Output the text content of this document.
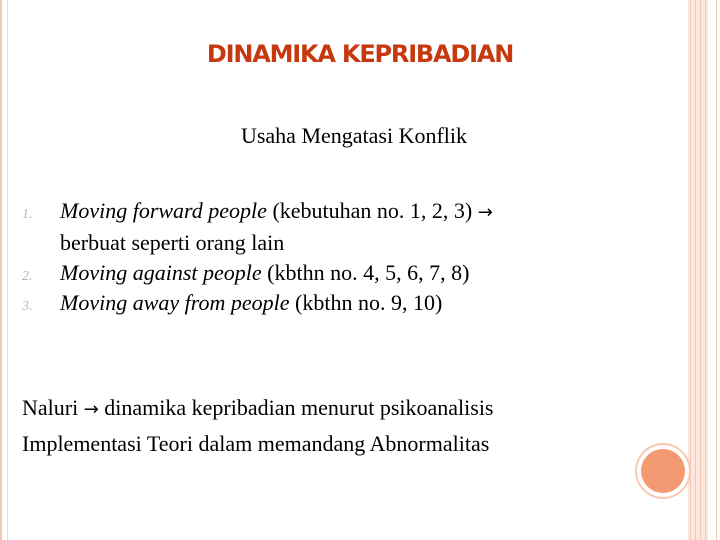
DINAMIKA KEPRIBADIAN
Usaha Mengatasi Konflik
1. Moving forward people (kebutuhan no. 1, 2, 3) →
berbuat seperti orang lain
2. Moving against people (kbthn no. 4, 5, 6, 7, 8)
3. Moving away from people (kbthn no. 9, 10)
Naluri → dinamika kepribadian menurut psikoanalisis
Implementasi Teori dalam memandang Abnormalitas
